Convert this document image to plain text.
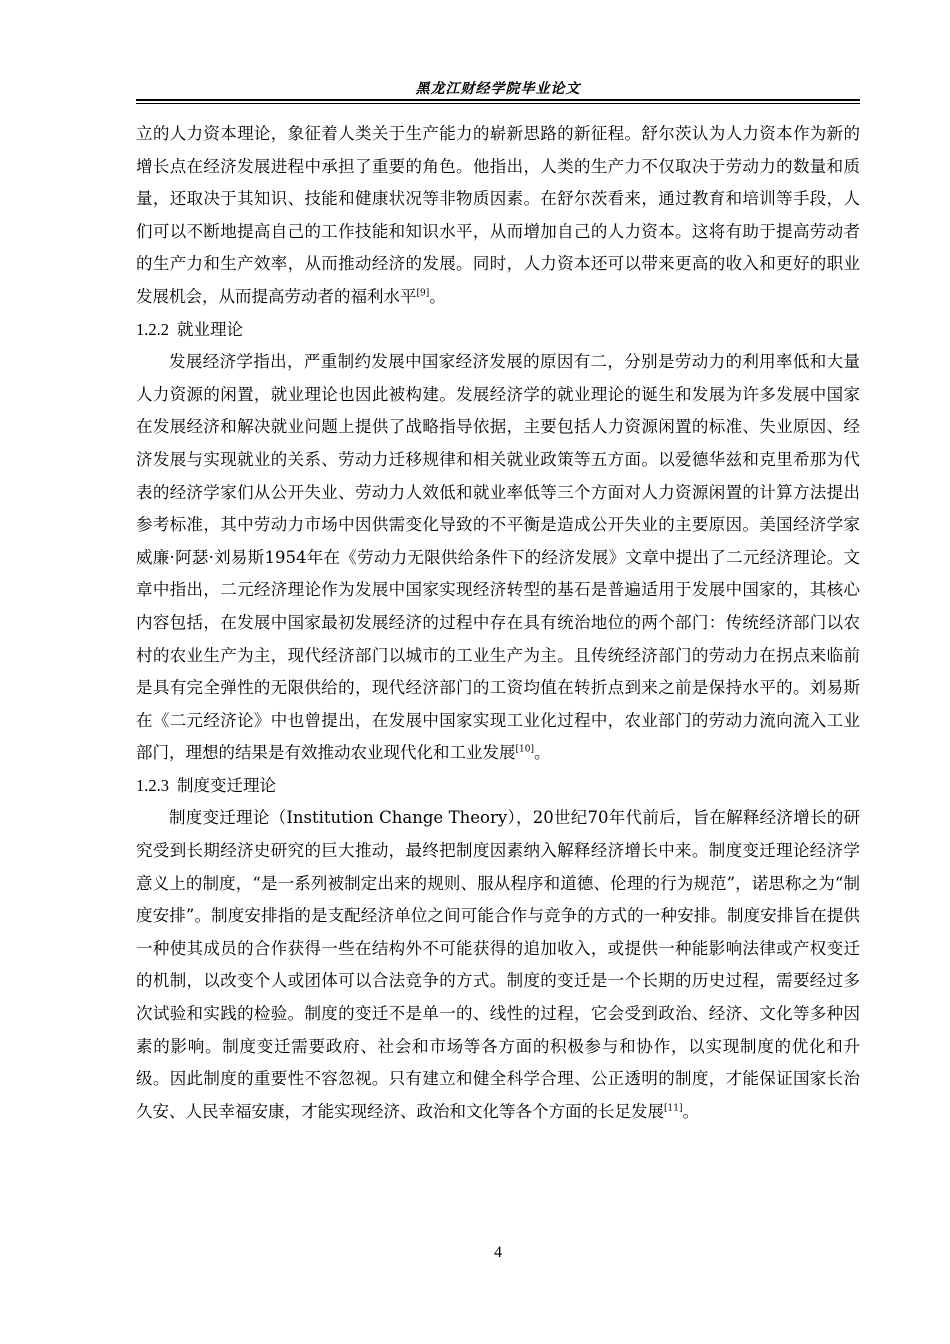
黑龙江财经学院毕业论文

立的人力资本理论，象征着人类关于生产能力的崭新思路的新征程。舒尔茨认为人力资本作为新的增长点在经济发展进程中承担了重要的角色。他指出，人类的生产力不仅取决于劳动力的数量和质量，还取决于其知识、技能和健康状况等非物质因素。在舒尔茨看来，通过教育和培训等手段，人们可以不断地提高自己的工作技能和知识水平，从而增加自己的人力资本。这将有助于提高劳动者的生产力和生产效率，从而推动经济的发展。同时，人力资本还可以带来更高的收入和更好的职业发展机会，从而提高劳动者的福利水平[9]。

1.2.2 就业理论

发展经济学指出，严重制约发展中国家经济发展的原因有二，分别是劳动力的利用率低和大量人力资源的闲置，就业理论也因此被构建。发展经济学的就业理论的诞生和发展为许多发展中国家在发展经济和解决就业问题上提供了战略指导依据，主要包括人力资源闲置的标准、失业原因、经济发展与实现就业的关系、劳动力迁移规律和相关就业政策等五方面。以爱德华兹和克里希那为代表的经济学家们从公开失业、劳动力人效低和就业率低等三个方面对人力资源闲置的计算方法提出参考标准，其中劳动力市场中因供需变化导致的不平衡是造成公开失业的主要原因。美国经济学家威廉·阿瑟·刘易斯1954年在《劳动力无限供给条件下的经济发展》文章中提出了二元经济理论。文章中指出，二元经济理论作为发展中国家实现经济转型的基石是普遍适用于发展中国家的，其核心内容包括，在发展中国家最初发展经济的过程中存在具有统治地位的两个部门：传统经济部门以农村的农业生产为主，现代经济部门以城市的工业生产为主。且传统经济部门的劳动力在拐点来临前是具有完全弹性的无限供给的，现代经济部门的工资均值在转折点到来之前是保持水平的。刘易斯在《二元经济论》中也曾提出，在发展中国家实现工业化过程中，农业部门的劳动力流向流入工业部门，理想的结果是有效推动农业现代化和工业发展[10]。

1.2.3 制度变迁理论

制度变迁理论（Institution Change Theory），20世纪70年代前后，旨在解释经济增长的研究受到长期经济史研究的巨大推动，最终把制度因素纳入解释经济增长中来。制度变迁理论经济学意义上的制度，“是一系列被制定出来的规则、服从程序和道德、伦理的行为规范”，诺思称之为“制度安排”。制度安排指的是支配经济单位之间可能合作与竞争的方式的一种安排。制度安排旨在提供一种使其成员的合作获得一些在结构外不可能获得的追加收入，或提供一种能影响法律或产权变迁的机制，以改变个人或团体可以合法竞争的方式。制度的变迁是一个长期的历史过程，需要经过多次试验和实践的检验。制度的变迁不是单一的、线性的过程，它会受到政治、经济、文化等多种因素的影响。制度变迁需要政府、社会和市场等各方面的积极参与和协作，以实现制度的优化和升级。因此制度的重要性不容忽视。只有建立和健全科学合理、公正透明的制度，才能保证国家长治久安、人民幸福安康，才能实现经济、政治和文化等各个方面的长足发展[11]。

4
